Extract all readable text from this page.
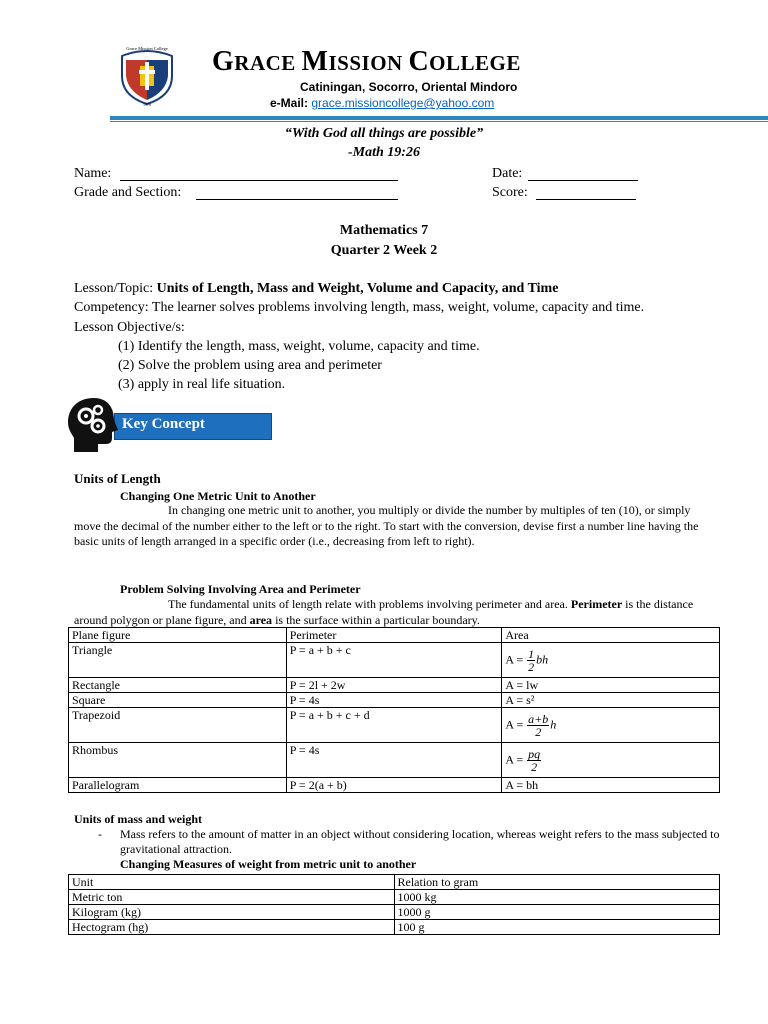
Grace Mission College
1976
GRACE MISSION COLLEGE
Catiningan, Socorro, Oriental Mindoro
e-Mail: grace.missioncollege@yahoo.com
“With God all things are possible”
-Math 19:26
Name:	Date:
Grade and Section:	Score:
Mathematics 7
Quarter 2 Week 2
Lesson/Topic: Units of Length, Mass and Weight, Volume and Capacity, and Time
Competency: The learner solves problems involving length, mass, weight, volume, capacity and time.
Lesson Objective/s:
(1) Identify the length, mass, weight, volume, capacity and time.
(2) Solve the problem using area and perimeter
(3) apply in real life situation.
Key Concept
Units of Length
Changing One Metric Unit to Another
In changing one metric unit to another, you multiply or divide the number by multiples of ten (10), or simply move the decimal of the number either to the left or to the right. To start with the conversion, devise first a number line having the basic units of length arranged in a specific order (i.e., decreasing from left to right).
Problem Solving Involving Area and Perimeter
The fundamental units of length relate with problems involving perimeter and area. Perimeter is the distance around polygon or plane figure, and area is the surface within a particular boundary.
Plane figure	Perimeter	Area
Triangle	P = a + b + c	$A = \frac{1}{2}$ bh
Rectangle	P = 2l + 2w	A = lw
Square	P = 4s	A = s²
Trapezoid	P = a + b + c + d	$A = \frac{a+b}{2}$ h
Rhombus	P = 4s	$A = \frac{pq}{2}$

Parallelogram	P = 2(a + b)	A = bh
Units of mass and weight
- Mass refers to the amount of matter in an object without considering location, whereas weight refers to the mass subjected to gravitational attraction.
Changing Measures of weight from metric unit to another
Unit	Relation to gram
Metric ton	1000 kg
Kilogram (kg)	1000 g
Hectogram (hg)	100 g
